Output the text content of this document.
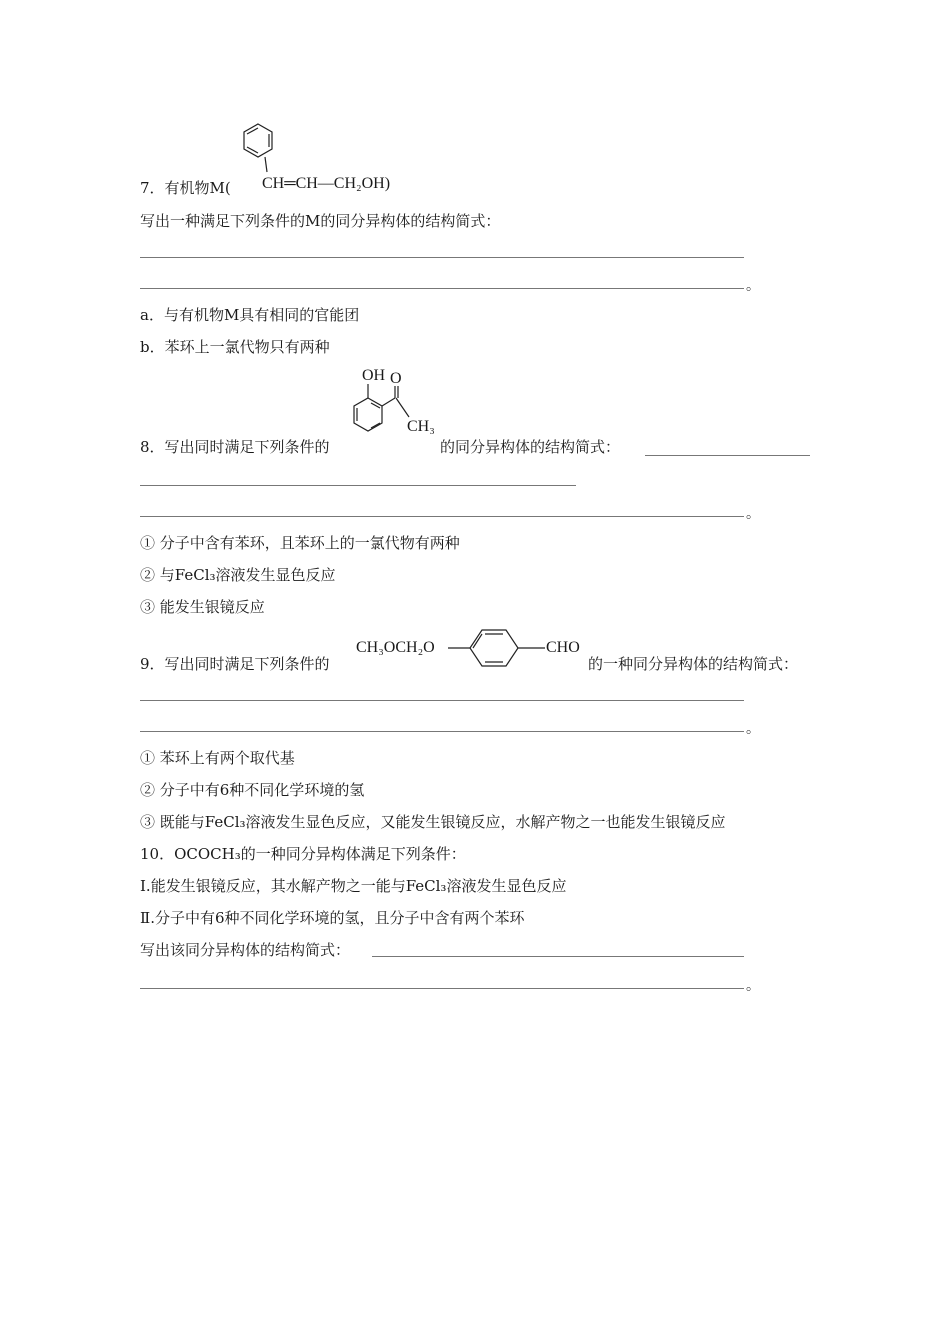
7．有机物M( CH═CH—CH₂OH)
写出一种满足下列条件的M的同分异构体的结构简式：
。
a．与有机物M具有相同的官能团
b．苯环上一氯代物只有两种
OH O
CH₃
8．写出同时满足下列条件的	的同分异构体的结构简式：
。
① 分子中含有苯环，且苯环上的一氯代物有两种
② 与FeCl₃溶液发生显色反应
③ 能发生银镜反应
9．写出同时满足下列条件的
CH₃OCH₂O	CHO
的一种同分异构体的结构简式：
。
① 苯环上有两个取代基
② 分子中有6种不同化学环境的氢
③ 既能与FeCl₃溶液发生显色反应，又能发生银镜反应，水解产物之一也能发生银镜反应
10．OCOCH₃的一种同分异构体满足下列条件：
Ⅰ.能发生银镜反应，其水解产物之一能与FeCl₃溶液发生显色反应
Ⅱ.分子中有6种不同化学环境的氢，且分子中含有两个苯环
写出该同分异构体的结构简式：
。
